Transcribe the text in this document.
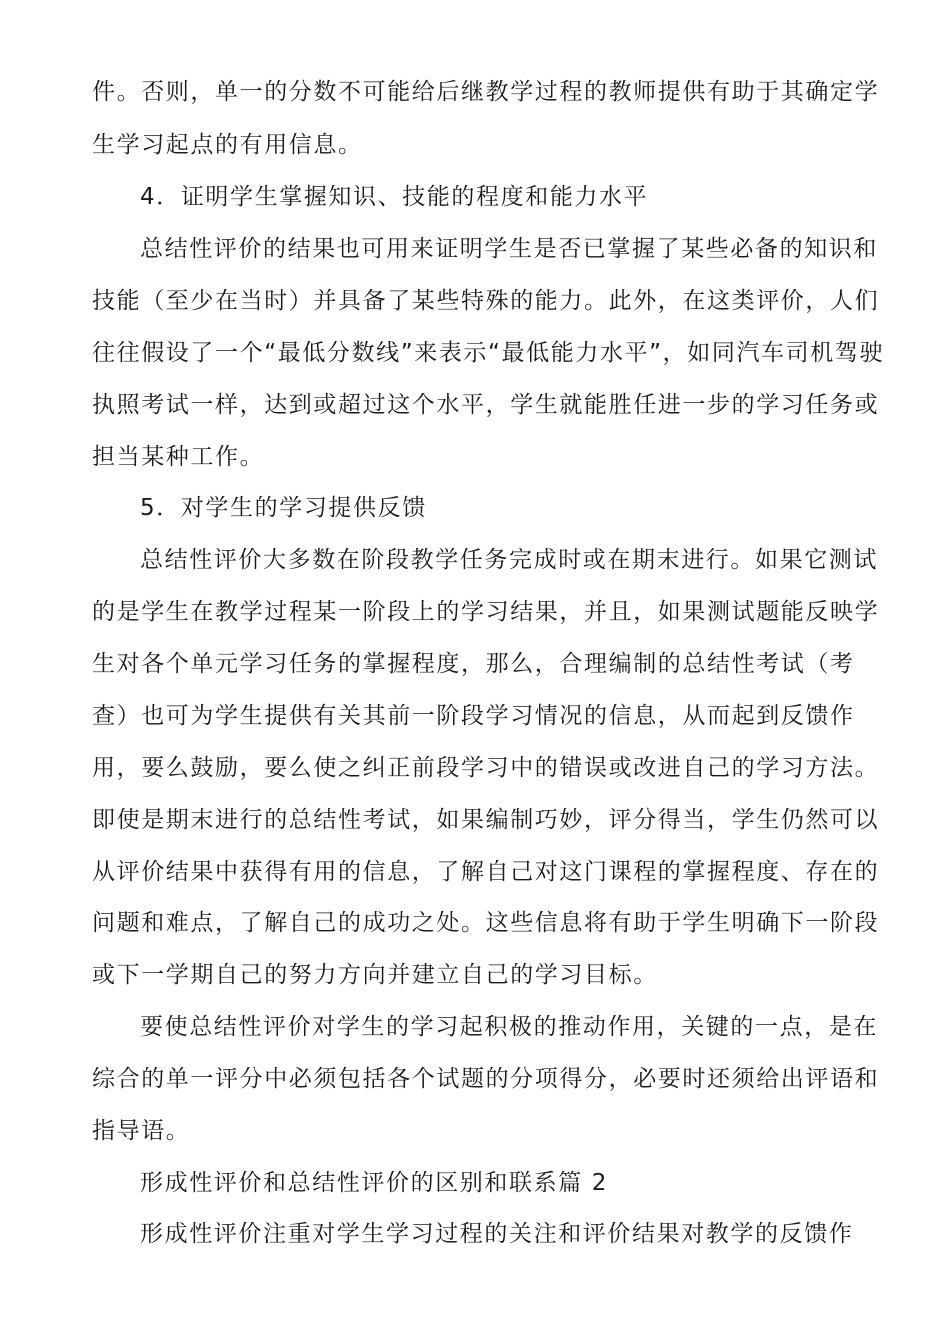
件。否则，单一的分数不可能给后继教学过程的教师提供有助于其确定学
生学习起点的有用信息。
4．证明学生掌握知识、技能的程度和能力水平
总结性评价的结果也可用来证明学生是否已掌握了某些必备的知识和
技能（至少在当时）并具备了某些特殊的能力。此外，在这类评价，人们
往往假设了一个“最低分数线”来表示“最低能力水平”，如同汽车司机驾驶
执照考试一样，达到或超过这个水平，学生就能胜任进一步的学习任务或
担当某种工作。
5．对学生的学习提供反馈
总结性评价大多数在阶段教学任务完成时或在期末进行。如果它测试
的是学生在教学过程某一阶段上的学习结果，并且，如果测试题能反映学
生对各个单元学习任务的掌握程度，那么，合理编制的总结性考试（考
查）也可为学生提供有关其前一阶段学习情况的信息，从而起到反馈作
用，要么鼓励，要么使之纠正前段学习中的错误或改进自己的学习方法。
即使是期末进行的总结性考试，如果编制巧妙，评分得当，学生仍然可以
从评价结果中获得有用的信息，了解自己对这门课程的掌握程度、存在的
问题和难点，了解自己的成功之处。这些信息将有助于学生明确下一阶段
或下一学期自己的努力方向并建立自己的学习目标。
要使总结性评价对学生的学习起积极的推动作用，关键的一点，是在
综合的单一评分中必须包括各个试题的分项得分，必要时还须给出评语和
指导语。
形成性评价和总结性评价的区别和联系篇 2
形成性评价注重对学生学习过程的关注和评价结果对教学的反馈作
